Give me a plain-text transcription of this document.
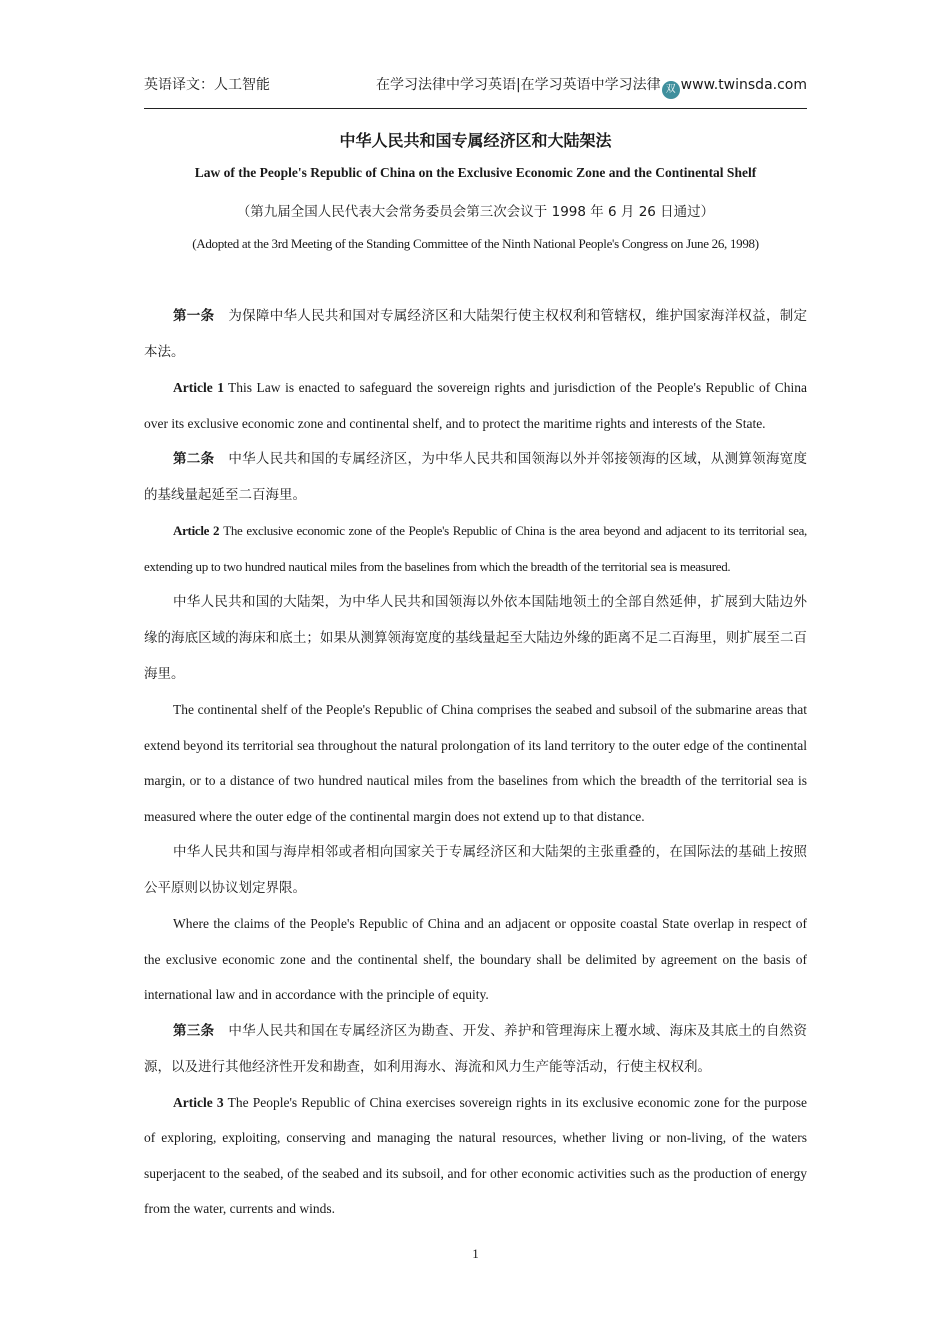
英语译文：人工智能	在学习法律中学习英语|在学习英语中学习法律 双 www.twinsda.com
中华人民共和国专属经济区和大陆架法
Law of the People's Republic of China on the Exclusive Economic Zone and the Continental Shelf
（第九届全国人民代表大会常务委员会第三次会议于 1998 年 6 月 26 日通过）
(Adopted at the 3rd Meeting of the Standing Committee of the Ninth National People's Congress on June 26, 1998)

第一条 为保障中华人民共和国对专属经济区和大陆架行使主权权利和管辖权，维护国家海洋权益，制定本法。

Article 1 This Law is enacted to safeguard the sovereign rights and jurisdiction of the People's Republic of China over its exclusive economic zone and continental shelf, and to protect the maritime rights and interests of the State.

第二条 中华人民共和国的专属经济区，为中华人民共和国领海以外并邻接领海的区域，从测算领海宽度的基线量起延至二百海里。

Article 2 The exclusive economic zone of the People's Republic of China is the area beyond and adjacent to its territorial sea, extending up to two hundred nautical miles from the baselines from which the breadth of the territorial sea is measured.

中华人民共和国的大陆架，为中华人民共和国领海以外依本国陆地领土的全部自然延伸，扩展到大陆边外缘的海底区域的海床和底土；如果从测算领海宽度的基线量起至大陆边外缘的距离不足二百海里，则扩展至二百海里。

The continental shelf of the People's Republic of China comprises the seabed and subsoil of the submarine areas that extend beyond its territorial sea throughout the natural prolongation of its land territory to the outer edge of the continental margin, or to a distance of two hundred nautical miles from the baselines from which the breadth of the territorial sea is measured where the outer edge of the continental margin does not extend up to that distance.

中华人民共和国与海岸相邻或者相向国家关于专属经济区和大陆架的主张重叠的，在国际法的基础上按照公平原则以协议划定界限。

Where the claims of the People's Republic of China and an adjacent or opposite coastal State overlap in respect of the exclusive economic zone and the continental shelf, the boundary shall be delimited by agreement on the basis of international law and in accordance with the principle of equity.

第三条 中华人民共和国在专属经济区为勘查、开发、养护和管理海床上覆水域、海床及其底土的自然资源，以及进行其他经济性开发和勘查，如利用海水、海流和风力生产能等活动，行使主权权利。

Article 3 The People's Republic of China exercises sovereign rights in its exclusive economic zone for the purpose of exploring, exploiting, conserving and managing the natural resources, whether living or non-living, of the waters superjacent to the seabed, of the seabed and its subsoil, and for other economic activities such as the production of energy from the water, currents and winds.

1
